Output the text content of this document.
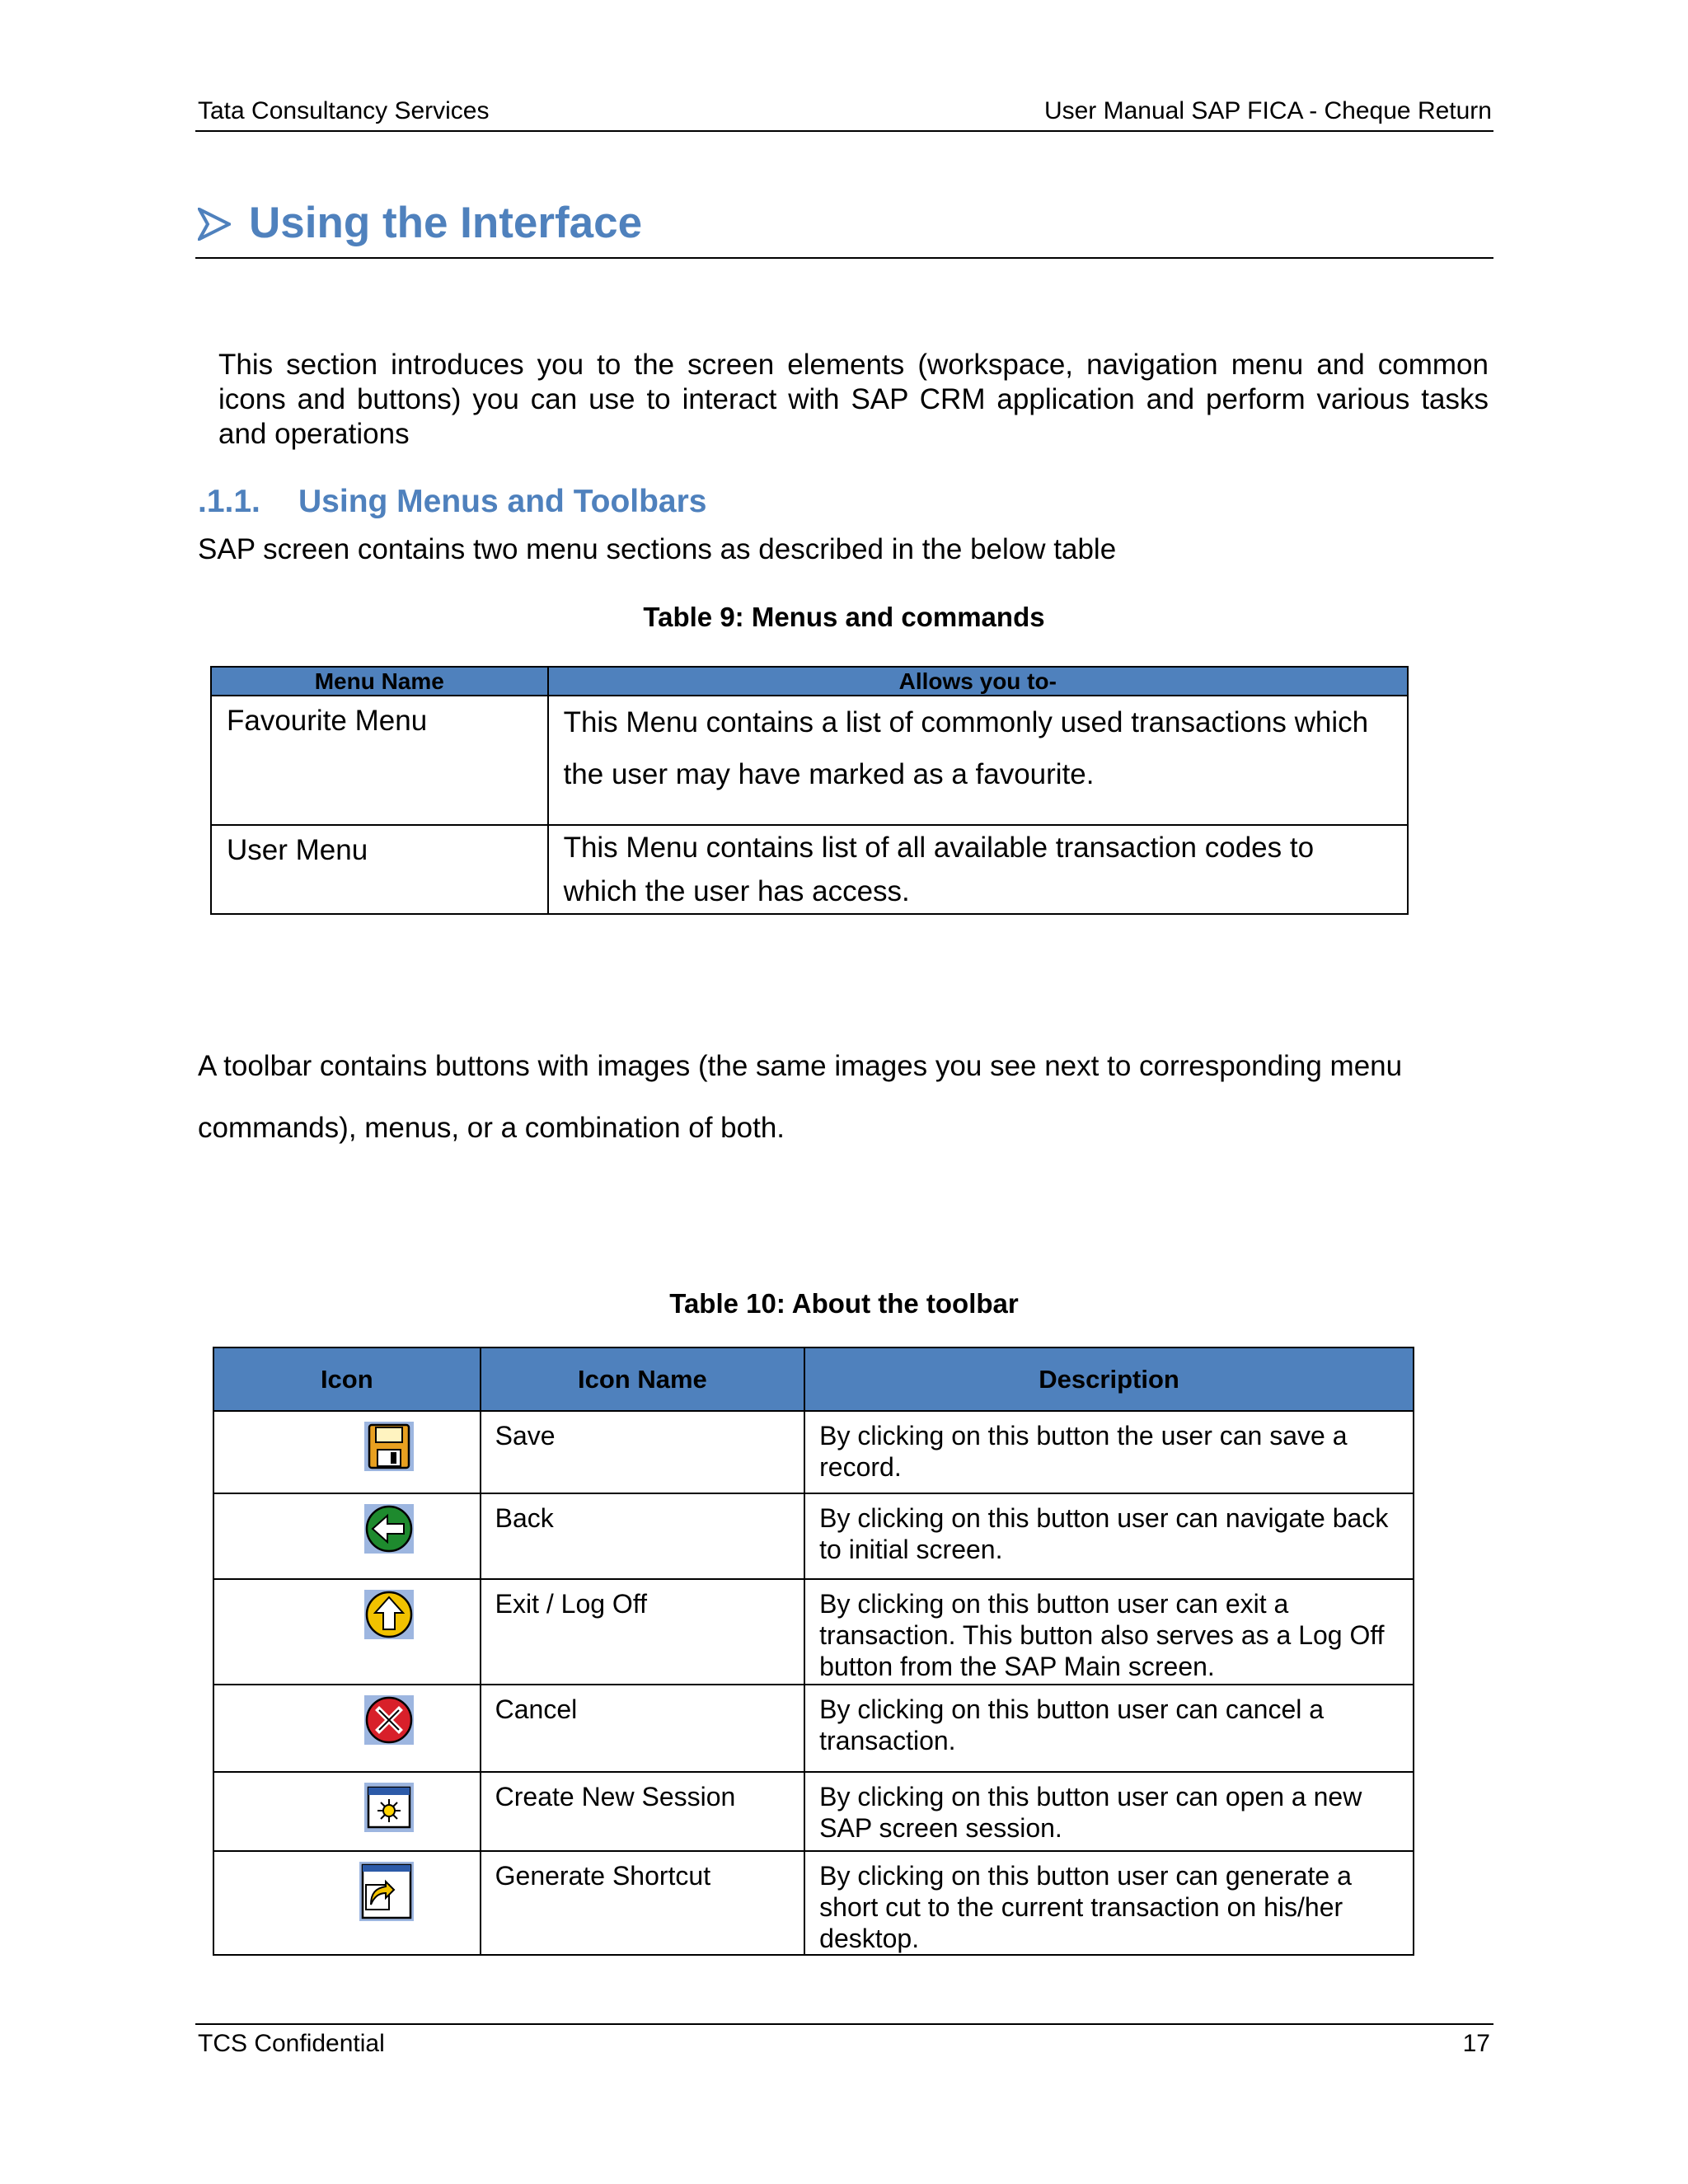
Tata Consultancy Services	User Manual SAP FICA - Cheque Return
Using the Interface
This section introduces you to the screen elements (workspace, navigation menu and common icons and buttons) you can use to interact with SAP CRM application and perform various tasks and operations
.1.1. Using Menus and Toolbars
SAP screen contains two menu sections as described in the below table
Table 9: Menus and commands
Menu Name	Allows you to-
Favourite Menu	This Menu contains a list of commonly used transactions which the user may have marked as a favourite.
User Menu	This Menu contains list of all available transaction codes to which the user has access.
A toolbar contains buttons with images (the same images you see next to corresponding menu commands), menus, or a combination of both.
Table 10: About the toolbar
Icon	Icon Name	Description

	Save	By clicking on this button the user can save a record.

	Back	By clicking on this button user can navigate back to initial screen.

	Exit / Log Off	By clicking on this button user can exit a transaction. This button also serves as a Log Off button from the SAP Main screen.

	Cancel	By clicking on this button user can cancel a transaction.

	Create New Session	By clicking on this button user can open a new SAP screen session.

	Generate Shortcut	By clicking on this button user can generate a short cut to the current transaction on his/her desktop.
TCS Confidential	17
